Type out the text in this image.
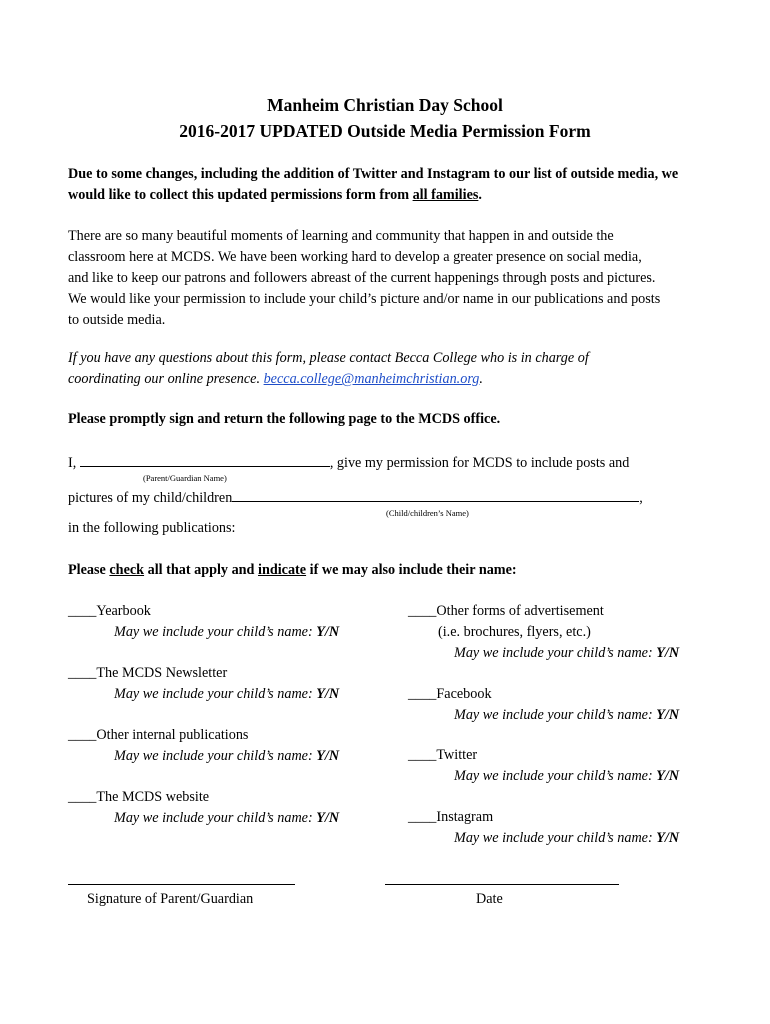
Manheim Christian Day School
2016-2017 UPDATED Outside Media Permission Form
Due to some changes, including the addition of Twitter and Instagram to our list of outside media, we would like to collect this updated permissions form from all families.
There are so many beautiful moments of learning and community that happen in and outside the
classroom here at MCDS. We have been working hard to develop a greater presence on social media,
and like to keep our patrons and followers abreast of the current happenings through posts and pictures.
We would like your permission to include your child’s picture and/or name in our publications and posts
to outside media.
If you have any questions about this form, please contact Becca College who is in charge of
coordinating our online presence. becca.college@manheimchristian.org.
Please promptly sign and return the following page to the MCDS office.
I,	, give my permission for MCDS to include posts and
(Parent/Guardian Name)
pictures of my child/children	,
(Child/children’s Name)
in the following publications:
Please check all that apply and indicate if we may also include their name:
____Yearbook
May we include your child’s name: Y/N
____The MCDS Newsletter
May we include your child’s name: Y/N
____Other internal publications
May we include your child’s name: Y/N
____The MCDS website
May we include your child’s name: Y/N
____Other forms of advertisement
(i.e. brochures, flyers, etc.)
May we include your child’s name: Y/N
____Facebook
May we include your child’s name: Y/N
____Twitter
May we include your child’s name: Y/N
____Instagram
May we include your child’s name: Y/N
Signature of Parent/Guardian	Date
